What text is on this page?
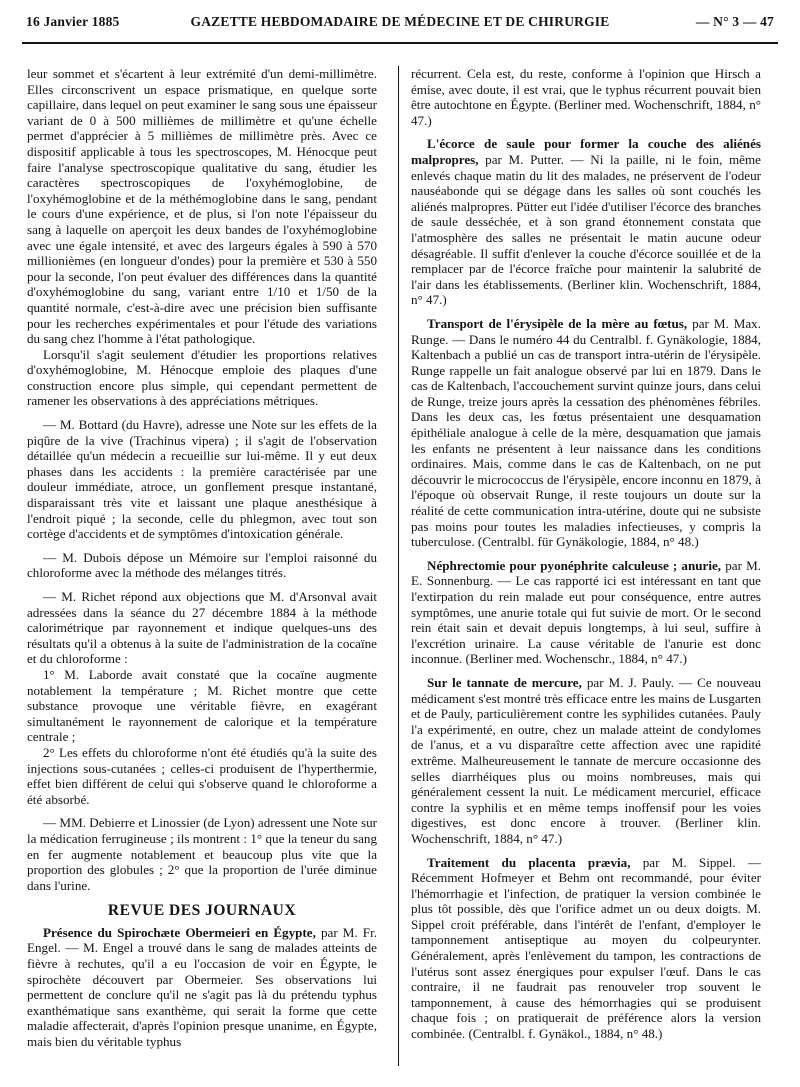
16 Janvier 1885	GAZETTE HEBDOMADAIRE DE MÉDECINE ET DE CHIRURGIE	— N° 3 — 47

leur sommet et s'écartent à leur extrémité d'un demi-millimètre. Elles circonscrivent un espace prismatique, en quelque sorte capillaire, dans lequel on peut examiner le sang sous une épaisseur variant de 0 à 500 millièmes de millimètre et qu'une échelle permet d'apprécier à 5 millièmes de millimètre près. Avec ce dispositif applicable à tous les spectroscopes, M. Hénocque peut faire l'analyse spectroscopique qualitative du sang, étudier les caractères spectroscopiques de l'oxyhémoglobine, de l'oxyhémoglobine et de la méthémoglobine dans le sang, pendant le cours d'une expérience, et de plus, si l'on note l'épaisseur du sang à laquelle on aperçoit les deux bandes de l'oxyhémoglobine avec une égale intensité, et avec des largeurs égales à 590 à 570 millionièmes (en longueur d'ondes) pour la première et 530 à 550 pour la seconde, l'on peut évaluer des différences dans la quantité d'oxyhémoglobine du sang, variant entre 1/10 et 1/50 de la quantité normale, c'est-à-dire avec une précision bien suffisante pour les recherches expérimentales et pour l'étude des variations du sang chez l'homme à l'état pathologique.

Lorsqu'il s'agit seulement d'étudier les proportions relatives d'oxyhémoglobine, M. Hénocque emploie des plaques d'une construction encore plus simple, qui cependant permettent de ramener les observations à des appréciations métriques.

— M. Bottard (du Havre), adresse une Note sur les effets de la piqûre de la vive (Trachinus vipera) ; il s'agit de l'observation détaillée qu'un médecin a recueillie sur lui-même. Il y eut deux phases dans les accidents : la première caractérisée par une douleur immédiate, atroce, un gonflement presque instantané, disparaissant très vite et laissant une plaque anesthésique à l'endroit piqué ; la seconde, celle du phlegmon, avec tout son cortège d'accidents et de symptômes d'intoxication générale.

— M. Dubois dépose un Mémoire sur l'emploi raisonné du chloroforme avec la méthode des mélanges titrés.

— M. Richet répond aux objections que M. d'Arsonval avait adressées dans la séance du 27 décembre 1884 à la méthode calorimétrique par rayonnement et indique quelques-uns des résultats qu'il a obtenus à la suite de l'administration de la cocaïne et du chloroforme :

1° M. Laborde avait constaté que la cocaïne augmente notablement la température ; M. Richet montre que cette substance provoque une véritable fièvre, en exagérant simultanément le rayonnement de calorique et la température centrale ;

2° Les effets du chloroforme n'ont été étudiés qu'à la suite des injections sous-cutanées ; celles-ci produisent de l'hyperthermie, effet bien différent de celui qui s'observe quand le chloroforme a été absorbé.

— MM. Debierre et Linossier (de Lyon) adressent une Note sur la médication ferrugineuse ; ils montrent : 1° que la teneur du sang en fer augmente notablement et beaucoup plus vite que la proportion des globules ; 2° que la proportion de l'urée diminue dans l'urine.

REVUE DES JOURNAUX

Présence du Spirochæte Obermeieri en Égypte, par M. Fr. Engel. — M. Engel a trouvé dans le sang de malades atteints de fièvre à rechutes, qu'il a eu l'occasion de voir en Égypte, le spirochète découvert par Obermeier. Ses observations lui permettent de conclure qu'il ne s'agit pas là du prétendu typhus exanthématique sans exanthème, qui serait la forme que cette maladie affecterait, d'après l'opinion presque unanime, en Égypte, mais bien du véritable typhus

récurrent. Cela est, du reste, conforme à l'opinion que Hirsch a émise, avec doute, il est vrai, que le typhus récurrent pouvait bien être autochtone en Égypte. (Berliner med. Wochenschrift, 1884, n° 47.)

L'écorce de saule pour former la couche des aliénés malpropres, par M. Putter. — Ni la paille, ni le foin, même enlevés chaque matin du lit des malades, ne préservent de l'odeur nauséabonde qui se dégage dans les salles où sont couchés les aliénés malpropres. Pütter eut l'idée d'utiliser l'écorce des branches de saule desséchée, et à son grand étonnement constata que l'atmosphère des salles ne présentait le matin aucune odeur désagréable. Il suffit d'enlever la couche d'écorce souillée et de la remplacer par de l'écorce fraîche pour maintenir la salubrité de l'air dans les établissements. (Berliner klin. Wochenschrift, 1884, n° 47.)

Transport de l'érysipèle de la mère au fœtus, par M. Max. Runge. — Dans le numéro 44 du Centralbl. f. Gynäkologie, 1884, Kaltenbach a publié un cas de transport intra-utérin de l'érysipèle. Runge rappelle un fait analogue observé par lui en 1879. Dans le cas de Kaltenbach, l'accouchement survint quinze jours, dans celui de Runge, treize jours après la cessation des phénomènes fébriles. Dans les deux cas, les fœtus présentaient une desquamation épithéliale analogue à celle de la mère, desquamation que jamais les enfants ne présentent à leur naissance dans les conditions ordinaires. Mais, comme dans le cas de Kaltenbach, on ne put découvrir le micrococcus de l'érysipèle, encore inconnu en 1879, à l'époque où observait Runge, il reste toujours un doute sur la réalité de cette communication intra-utérine, doute qui ne subsiste pas moins pour toutes les maladies infectieuses, y compris la tuberculose. (Centralbl. für Gynäkologie, 1884, n° 48.)

Néphrectomie pour pyonéphrite calculeuse ; anurie, par M. E. Sonnenburg. — Le cas rapporté ici est intéressant en tant que l'extirpation du rein malade eut pour conséquence, entre autres symptômes, une anurie totale qui fut suivie de mort. Or le second rein était sain et devait depuis longtemps, à lui seul, suffire à l'excrétion urinaire. La cause véritable de l'anurie est donc inconnue. (Berliner med. Wochenschr., 1884, n° 47.)

Sur le tannate de mercure, par M. J. Pauly. — Ce nouveau médicament s'est montré très efficace entre les mains de Lusgarten et de Pauly, particulièrement contre les syphilides cutanées. Pauly l'a expérimenté, en outre, chez un malade atteint de condylomes de l'anus, et a vu disparaître cette affection avec une rapidité extrême. Malheureusement le tannate de mercure occasionne des selles diarrhéiques plus ou moins nombreuses, mais qui généralement cessent la nuit. Le médicament mercuriel, efficace contre la syphilis et en même temps inoffensif pour les voies digestives, est donc encore à trouver. (Berliner klin. Wochenschrift, 1884, n° 47.)

Traitement du placenta prævia, par M. Sippel. — Récemment Hofmeyer et Behm ont recommandé, pour éviter l'hémorrhagie et l'infection, de pratiquer la version combinée le plus tôt possible, dès que l'orifice admet un ou deux doigts. M. Sippel croit préférable, dans l'intérêt de l'enfant, d'employer le tamponnement antiseptique au moyen du colpeurynter. Généralement, après l'enlèvement du tampon, les contractions de l'utérus sont assez énergiques pour expulser l'œuf. Dans le cas contraire, il ne faudrait pas renouveler trop souvent le tamponnement, à cause des hémorrhagies qui se produisent chaque fois ; on pratiquerait de préférence alors la version combinée. (Centralbl. f. Gynäkol., 1884, n° 48.)
